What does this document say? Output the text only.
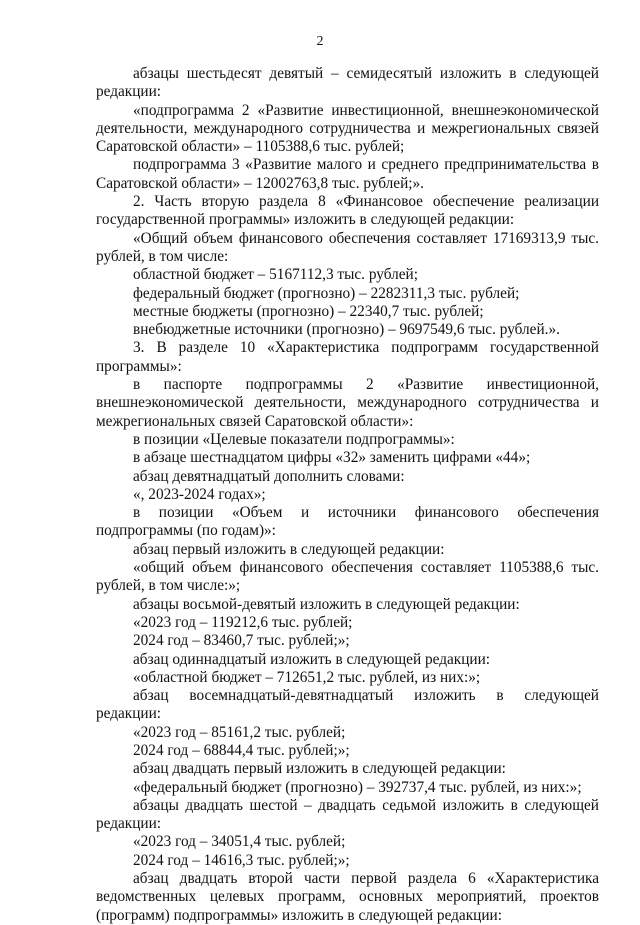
2

абзацы шестьдесят девятый – семидесятый изложить в следующей редакции:

«подпрограмма 2 «Развитие инвестиционной, внешнеэкономической деятельности, международного сотрудничества и межрегиональных связей Саратовской области» – 1105388,6 тыс. рублей;

подпрограмма 3 «Развитие малого и среднего предпринимательства в Саратовской области» – 12002763,8 тыс. рублей;».

2. Часть вторую раздела 8 «Финансовое обеспечение реализации государственной программы» изложить в следующей редакции:

«Общий объем финансового обеспечения составляет 17169313,9 тыс. рублей, в том числе:

областной бюджет – 5167112,3 тыс. рублей;

федеральный бюджет (прогнозно) – 2282311,3 тыс. рублей;

местные бюджеты (прогнозно) – 22340,7 тыс. рублей;

внебюджетные источники (прогнозно) – 9697549,6 тыс. рублей.».

3. В разделе 10 «Характеристика подпрограмм государственной программы»:

в паспорте подпрограммы 2 «Развитие инвестиционной, внешнеэкономической деятельности, международного сотрудничества и межрегиональных связей Саратовской области»:

в позиции «Целевые показатели подпрограммы»:

в абзаце шестнадцатом цифры «32» заменить цифрами «44»;

абзац девятнадцатый дополнить словами:

«, 2023-2024 годах»;

в позиции «Объем и источники финансового обеспечения подпрограммы (по годам)»:

абзац первый изложить в следующей редакции:

«общий объем финансового обеспечения составляет 1105388,6 тыс. рублей, в том числе:»;

абзацы восьмой-девятый изложить в следующей редакции:

«2023 год – 119212,6 тыс. рублей;

2024 год – 83460,7 тыс. рублей;»;

абзац одиннадцатый изложить в следующей редакции:

«областной бюджет – 712651,2 тыс. рублей, из них:»;

абзац восемнадцатый-девятнадцатый изложить в следующей редакции:

«2023 год – 85161,2 тыс. рублей;

2024 год – 68844,4 тыс. рублей;»;

абзац двадцать первый изложить в следующей редакции:

«федеральный бюджет (прогнозно) – 392737,4 тыс. рублей, из них:»;

абзацы двадцать шестой – двадцать седьмой изложить в следующей редакции:

«2023 год – 34051,4 тыс. рублей;

2024 год – 14616,3 тыс. рублей;»;

абзац двадцать второй части первой раздела 6 «Характеристика ведомственных целевых программ, основных мероприятий, проектов (программ) подпрограммы» изложить в следующей редакции:
